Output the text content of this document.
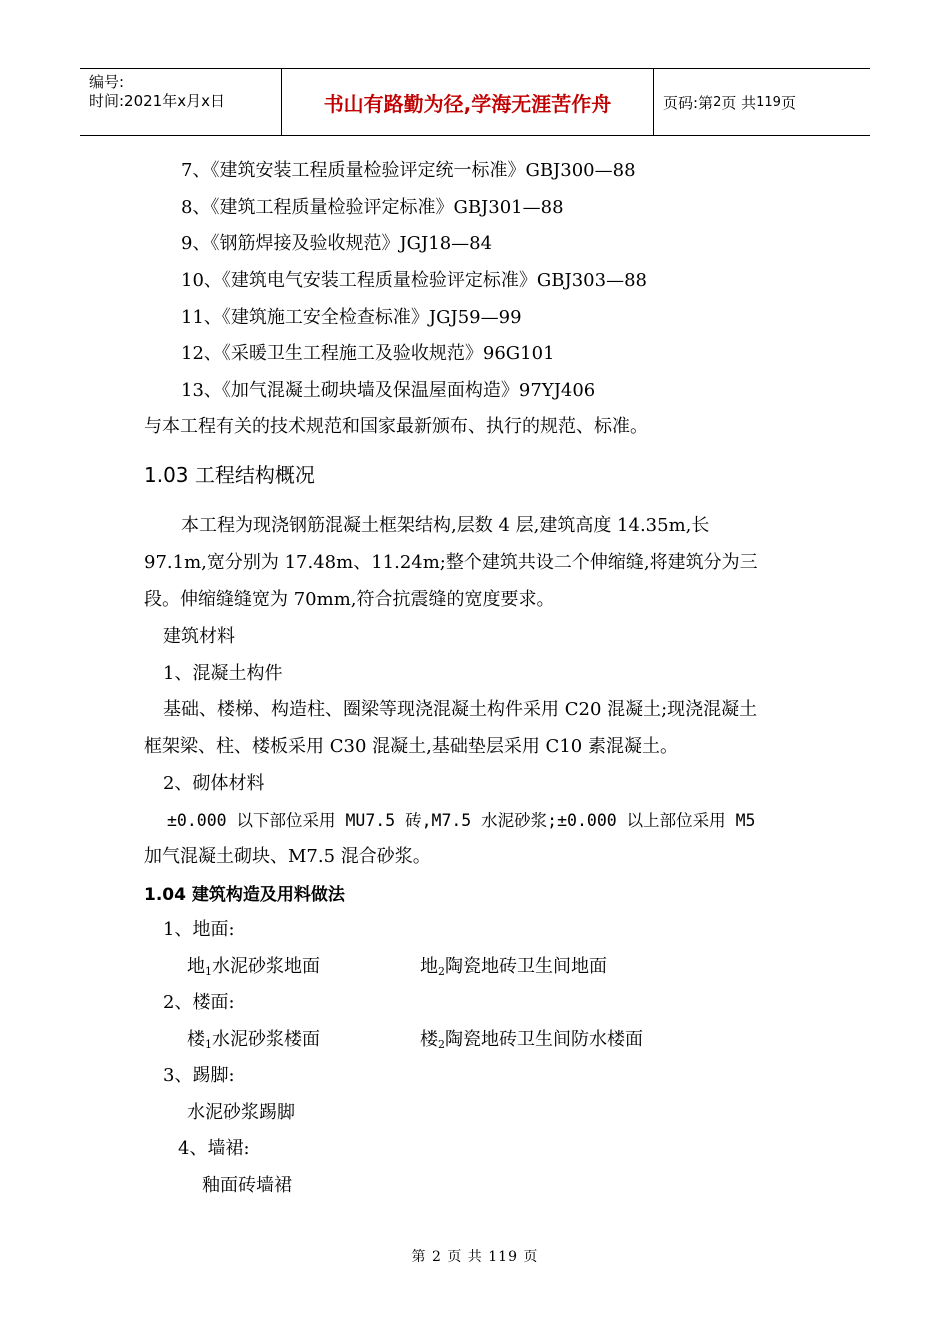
编号:
时间:2021年x月x日	书山有路勤为径,学海无涯苦作舟	页码:第 2 页 共 119 页
7、《建筑安装工程质量检验评定统一标准》GBJ300—88
8、《建筑工程质量检验评定标准》GBJ301—88
9、《钢筋焊接及验收规范》JGJ18—84
10、《建筑电气安装工程质量检验评定标准》GBJ303—88
11、《建筑施工安全检查标准》JGJ59—99
12、《采暖卫生工程施工及验收规范》96G101
13、《加气混凝土砌块墙及保温屋面构造》97YJ406
与本工程有关的技术规范和国家最新颁布、执行的规范、标准。
1.03 工程结构概况
本工程为现浇钢筋混凝土框架结构,层数 4 层,建筑高度 14.35m,长
97.1m,宽分别为 17.48m、11.24m;整个建筑共设二个伸缩缝,将建筑分为三
段。伸缩缝缝宽为 70mm,符合抗震缝的宽度要求。
建筑材料
1、混凝土构件
基础、楼梯、构造柱、圈梁等现浇混凝土构件采用 C20 混凝土;现浇混凝土
框架梁、柱、楼板采用 C30 混凝土,基础垫层采用 C10 素混凝土。
2、砌体材料
±0.000 以下部位采用 MU7.5 砖,M7.5 水泥砂浆;±0.000 以上部位采用 M5
加气混凝土砌块、M7.5 混合砂浆。
1.04 建筑构造及用料做法
1、地面:
地$_1$水泥砂浆地面	地$_2$陶瓷地砖卫生间地面
2、楼面:
楼$_1$水泥砂浆楼面	楼$_2$陶瓷地砖卫生间防水楼面
3、踢脚:
水泥砂浆踢脚
4、墙裙:
釉面砖墙裙
第 2 页 共 119 页
